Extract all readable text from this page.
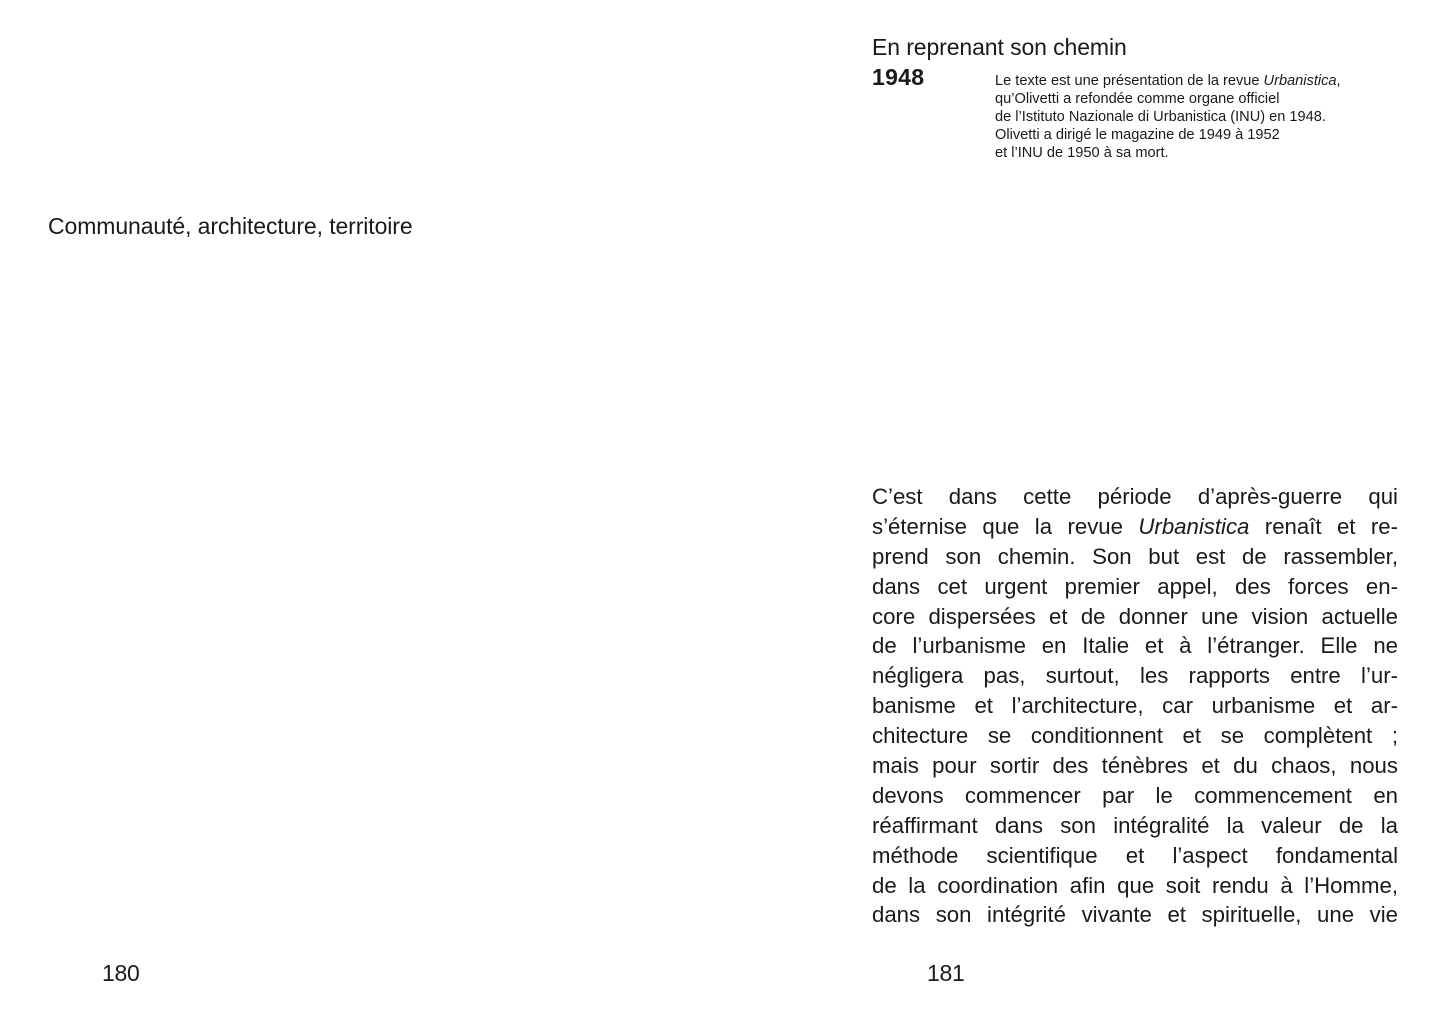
Communauté, architecture, territoire

180

En reprenant son chemin

1948	Le texte est une présentation de la revue Urbanistica,
qu’Olivetti a refondée comme organe officiel
de l’Istituto Nazionale di Urbanistica (INU) en 1948.
Olivetti a dirigé le magazine de 1949 à 1952
et l’INU de 1950 à sa mort.

C’est dans cette période d’après-guerre qui
s’éternise que la revue Urbanistica renaît et re-
prend son chemin. Son but est de rassembler,
dans cet urgent premier appel, des forces en-
core dispersées et de donner une vision actuelle
de l’urbanisme en Italie et à l’étranger. Elle ne
négligera pas, surtout, les rapports entre l’ur-
banisme et l’architecture, car urbanisme et ar-
chitecture se conditionnent et se complètent ;
mais pour sortir des ténèbres et du chaos, nous
devons commencer par le commencement en
réaffirmant dans son intégralité la valeur de la
méthode scientifique et l’aspect fondamental
de la coordination afin que soit rendu à l’Homme,
dans son intégrité vivante et spirituelle, une vie

181
